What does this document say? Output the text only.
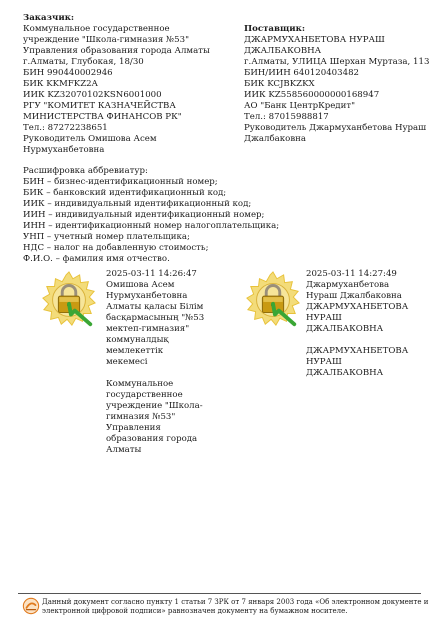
Заказчик:
Коммунальное государственное
учреждение "Школа-гимназия №53"
Управления образования города Алматы
г.Алматы, Глубокая, 18/30
БИН 990440002946
БИК KKMFKZ2A
ИИК KZ32070102KSN6001000
РГУ "КОМИТЕТ КАЗНАЧЕЙСТВА
МИНИСТЕРСТВА ФИНАНСОВ РК"
Тел.: 87272238651
Руководитель Омишова Асем
Нурмуханбетовна
Поставщик:
ДЖАРМУХАНБЕТОВА НУРАШ
ДЖАЛБАКОВНА
г.Алматы, УЛИЦА Шерхан Муртаза, 113
БИН/ИИН 640120403482
БИК KCJBKZKX
ИИК KZ558560000000168947
АО "Банк ЦентрКредит"
Тел.: 87015988817
Руководитель Джармуханбетова Нураш
Джалбаковна
Расшифровка аббревиатур:
БИН – бизнес-идентификационный номер;
БИК – банковский идентификационный код;
ИИК – индивидуальный идентификационный код;
ИИН – индивидуальный идентификационный номер;
ИНН – идентификационный номер налогоплательщика;
УНП – учетный номер плательщика;
НДС – налог на добавленную стоимость;
Ф.И.О. – фамилия имя отчество.
2025-03-11 14:26:47
Омишова Асем
Нурмуханбетовна
Алматы қаласы Білім
басқармасының "№53
мектеп-гимназия"
коммуналдық
мемлекеттік
мекемесі
Коммунальное
государственное
учреждение "Школа-
гимназия №53"
Управления
образования города
Алматы
2025-03-11 14:27:49
Джармуханбетова
Нураш Джалбаковна
ДЖАРМУХАНБЕТОВА
НУРАШ
ДЖАЛБАКОВНА
ДЖАРМУХАНБЕТОВА
НУРАШ
ДЖАЛБАКОВНА
Данный документ согласно пункту 1 статьи 7 ЗРК от 7 января 2003 года «Об электронном документе и
электронной цифровой подписи» равнозначен документу на бумажном носителе.
